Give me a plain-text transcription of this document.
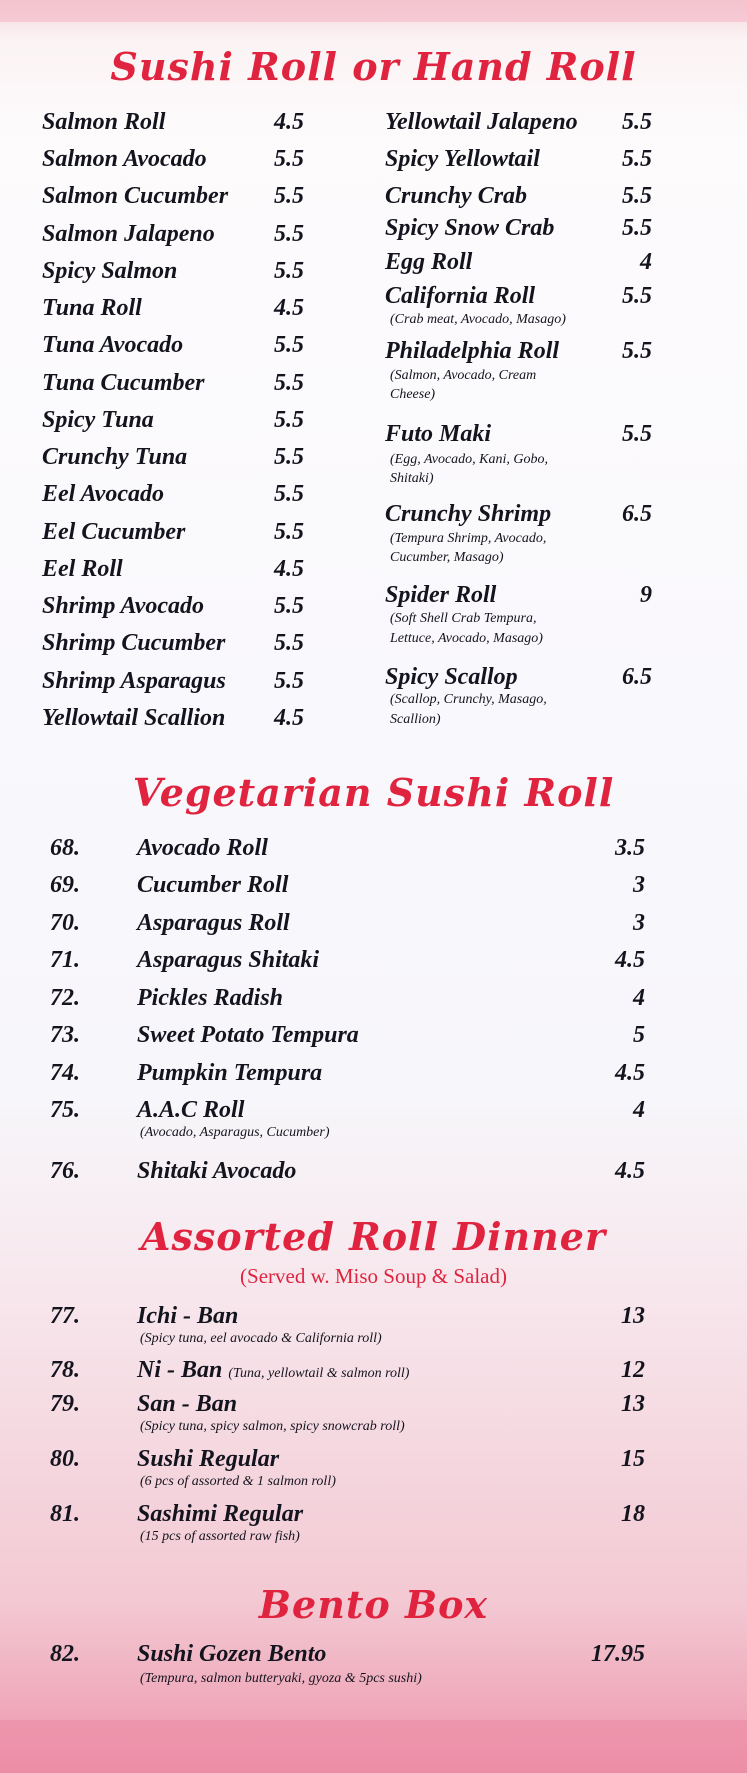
Sushi Roll or Hand Roll
Salmon Roll	4.5
Salmon Avocado	5.5
Salmon Cucumber 5.5
Salmon Jalapeno 5.5
Spicy Salmon	5.5
Tuna Roll	4.5
Tuna Avocado	5.5
Tuna Cucumber	5.5
Spicy Tuna	5.5
Crunchy Tuna	5.5
Eel Avocado	5.5
Eel Cucumber	5.5
Eel Roll	4.5
Shrimp Avocado	5.5
Shrimp Cucumber 5.5
Shrimp Asparagus 5.5
Yellowtail Scallion 4.5
Yellowtail Jalapeno	5.5
Spicy Yellowtail	5.5
Crunchy Crab	5.5
Spicy Snow Crab	5.5
Egg Roll	4
California Roll	5.5
(Crab meat, Avocado, Masago)
Philadelphia Roll	5.5
(Salmon, Avocado, Cream
Cheese)
Futo Maki	5.5
(Egg, Avocado, Kani, Gobo,
Shitaki)
Crunchy Shrimp	6.5
(Tempura Shrimp, Avocado,
Cucumber, Masago)
Spider Roll	9
(Soft Shell Crab Tempura,
Lettuce, Avocado, Masago)
Spicy Scallop	6.5
(Scallop, Crunchy, Masago,
Scallion)
Vegetarian Sushi Roll
68. Avocado Roll	3.5
69. Cucumber Roll	3
70. Asparagus Roll	3
71. Asparagus Shitaki	4.5
72. Pickles Radish	4
73. Sweet Potato Tempura	5
74. Pumpkin Tempura	4.5
75. A.A.C Roll	4
(Avocado, Asparagus, Cucumber)
76. Shitaki Avocado	4.5
Assorted Roll Dinner
(Served w. Miso Soup & Salad)
77. Ichi - Ban	13
(Spicy tuna, eel avocado & California roll)
78. Ni - Ban (Tuna, yellowtail & salmon roll)	12
79. San - Ban	13
(Spicy tuna, spicy salmon, spicy snowcrab roll)
80. Sushi Regular	15
(6 pcs of assorted & 1 salmon roll)
81. Sashimi Regular	18
(15 pcs of assorted raw fish)
Bento Box
82. Sushi Gozen Bento	17.95
(Tempura, salmon butteryaki, gyoza & 5pcs sushi)
